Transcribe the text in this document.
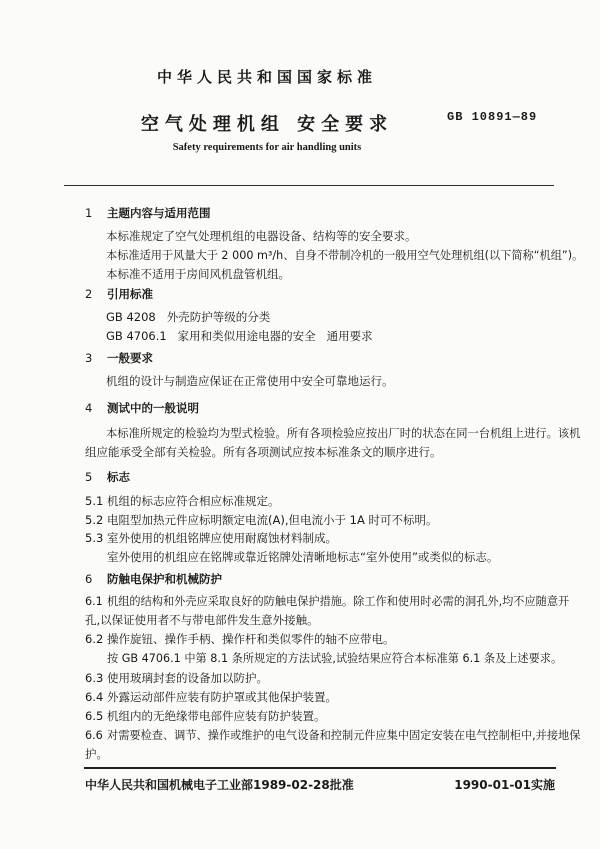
中华人民共和国国家标准
空气处理机组 安全要求	GB 10891—89
Safety requirements for air handling units
1 主题内容与适用范围
本标准规定了空气处理机组的电器设备、结构等的安全要求。
本标准适用于风量大于 2 000 m³/h、自身不带制冷机的一般用空气处理机组(以下简称“机组”)。
本标准不适用于房间风机盘管机组。
2 引用标准
GB 4208   外壳防护等级的分类
GB 4706.1   家用和类似用途电器的安全   通用要求
3 一般要求
机组的设计与制造应保证在正常使用中安全可靠地运行。
4 测试中的一般说明
本标准所规定的检验均为型式检验。所有各项检验应按出厂时的状态在同一台机组上进行。该机
组应能承受全部有关检验。所有各项测试应按本标准条文的顺序进行。
5 标志
5.1 机组的标志应符合相应标准规定。
5.2 电阻型加热元件应标明额定电流(A),但电流小于 1A 时可不标明。
5.3 室外使用的机组铭牌应使用耐腐蚀材料制成。
室外使用的机组应在铭牌或靠近铭牌处清晰地标志“室外使用”或类似的标志。
6 防触电保护和机械防护
6.1 机组的结构和外壳应采取良好的防触电保护措施。除工作和使用时必需的洞孔外,均不应随意开
孔,以保证使用者不与带电部件发生意外接触。
6.2 操作旋钮、操作手柄、操作杆和类似零件的轴不应带电。
按 GB 4706.1 中第 8.1 条所规定的方法试验,试验结果应符合本标准第 6.1 条及上述要求。
6.3 使用玻璃封套的设备加以防护。
6.4 外露运动部件应装有防护罩或其他保护装置。
6.5 机组内的无绝缘带电部件应装有防护装置。
6.6 对需要检查、调节、操作或维护的电气设备和控制元件应集中固定安装在电气控制柜中,并接地保
护。
中华人民共和国机械电子工业部1989-02-28批准	1990-01-01实施
